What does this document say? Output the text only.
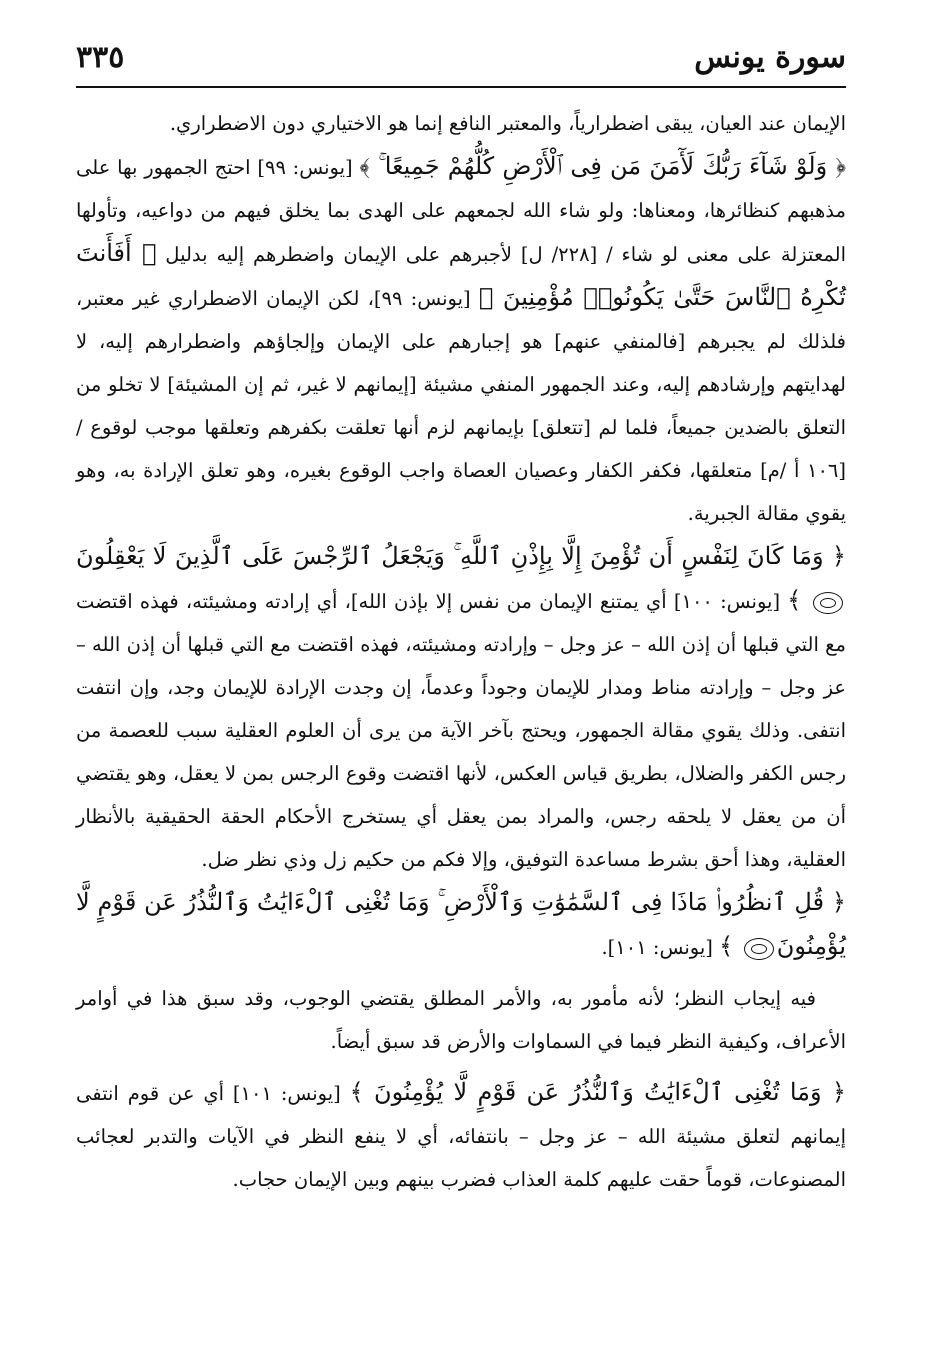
سورة يونس
٣٣٥

الإيمان عند العيان، يبقى اضطرارياً، والمعتبر النافع إنما هو الاختياري دون الاضطراري.

﴿ وَلَوْ شَآءَ رَبُّكَ لَأٓمَنَ مَن فِى ٱلْأَرْضِ كُلُّهُمْ جَمِيعًا ۚ ﴾ [يونس: ٩٩] احتج الجمهور بها على مذهبهم كنظائرها، ومعناها: ولو شاء الله لجمعهم على الهدى بما يخلق فيهم من دواعيه، وتأولها المعتزلة على معنى لو شاء / [٢٢٨/ ل] لأجبرهم على الإيمان واضطرهم إليه بدليل ﴿ أَفَأَنتَ تُكْرِهُ ٱلنَّاسَ حَتَّىٰ يَكُونُوا۟ مُؤْمِنِينَ ﴾ [يونس: ٩٩]، لكن الإيمان الاضطراري غير معتبر، فلذلك لم يجبرهم [فالمنفي عنهم] هو إجبارهم على الإيمان وإلجاؤهم واضطرارهم إليه، لا لهدايتهم وإرشادهم إليه، وعند الجمهور المنفي مشيئة [إيمانهم لا غير، ثم إن المشيئة] لا تخلو من التعلق بالضدين جميعاً، فلما لم [تتعلق] بإيمانهم لزم أنها تعلقت بكفرهم وتعلقها موجب لوقوع / [١٠٦ أ /م] متعلقها، فكفر الكفار وعصيان العصاة واجب الوقوع بغيره، وهو تعلق الإرادة به، وهو يقوي مقالة الجبرية.

﴿ وَمَا كَانَ لِنَفْسٍ أَن تُؤْمِنَ إِلَّا بِإِذْنِ ٱللَّهِ ۚ وَيَجْعَلُ ٱلرِّجْسَ عَلَى ٱلَّذِينَ لَا يَعْقِلُونَ ﴾ [يونس: ١٠٠] أي يمتنع الإيمان من نفس إلا بإذن الله]، أي إرادته ومشيئته، فهذه اقتضت مع التي قبلها أن إذن الله – عز وجل – وإرادته ومشيئته، فهذه اقتضت مع التي قبلها أن إذن الله – عز وجل – وإرادته مناط ومدار للإيمان وجوداً وعدماً، إن وجدت الإرادة للإيمان وجد، وإن انتفت انتفى. وذلك يقوي مقالة الجمهور، ويحتج بآخر الآية من يرى أن العلوم العقلية سبب للعصمة من رجس الكفر والضلال، بطريق قياس العكس، لأنها اقتضت وقوع الرجس بمن لا يعقل، وهو يقتضي أن من يعقل لا يلحقه رجس، والمراد بمن يعقل أي يستخرج الأحكام الحقة الحقيقية بالأنظار العقلية، وهذا أحق بشرط مساعدة التوفيق، وإلا فكم من حكيم زل وذي نظر ضل.

﴿ قُلِ ٱنظُرُوا۟ مَاذَا فِى ٱلسَّمَٰوَٰتِ وَٱلْأَرْضِ ۚ وَمَا تُغْنِى ٱلْءَايَٰتُ وَٱلنُّذُرُ عَن قَوْمٍ لَّا يُؤْمِنُونَ ﴾ [يونس: ١٠١].

فيه إيجاب النظر؛ لأنه مأمور به، والأمر المطلق يقتضي الوجوب، وقد سبق هذا في أوامر الأعراف، وكيفية النظر فيما في السماوات والأرض قد سبق أيضاً.

﴿ وَمَا تُغْنِى ٱلْءَايَٰتُ وَٱلنُّذُرُ عَن قَوْمٍ لَّا يُؤْمِنُونَ ﴾ [يونس: ١٠١] أي عن قوم انتفى إيمانهم لتعلق مشيئة الله – عز وجل – بانتفائه، أي لا ينفع النظر في الآيات والتدبر لعجائب المصنوعات، قوماً حقت عليهم كلمة العذاب فضرب بينهم وبين الإيمان حجاب.
